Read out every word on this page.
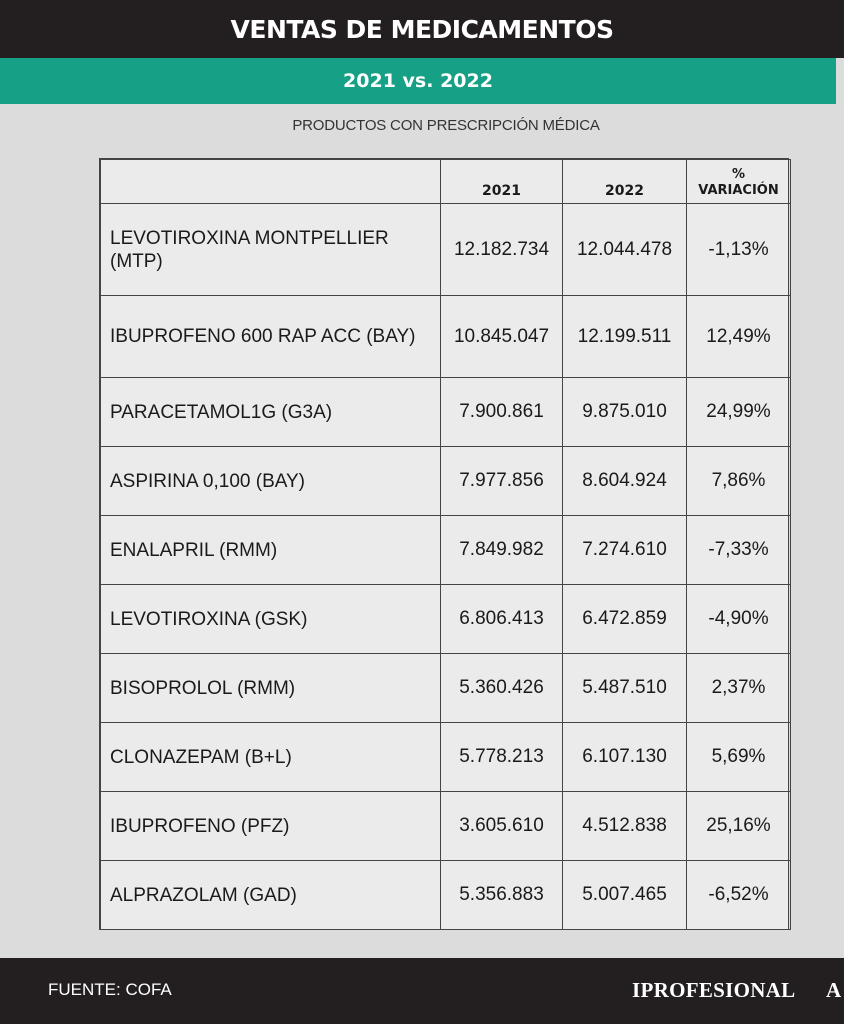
VENTAS DE MEDICAMENTOS
2021 vs. 2022
PRODUCTOS CON PRESCRIPCIÓN MÉDICA
	2021	2022	%
VARIACIÓN

LEVOTIROXINA MONTPELLIER (MTP)	12.182.734	12.044.478	-1,13%
IBUPROFENO 600 RAP ACC (BAY)	10.845.047	12.199.511	12,49%
PARACETAMOL1G (G3A)	7.900.861	9.875.010	24,99%
ASPIRINA 0,100 (BAY)	7.977.856	8.604.924	7,86%
ENALAPRIL (RMM)	7.849.982	7.274.610	-7,33%
LEVOTIROXINA (GSK)	6.806.413	6.472.859	-4,90%
BISOPROLOL (RMM)	5.360.426	5.487.510	2,37%
CLONAZEPAM (B+L)	5.778.213	6.107.130	5,69%
IBUPROFENO (PFZ)	3.605.610	4.512.838	25,16%
ALPRAZOLAM (GAD)	5.356.883	5.007.465	-6,52%
FUENTE: COFA	IPROFESIONAL A
